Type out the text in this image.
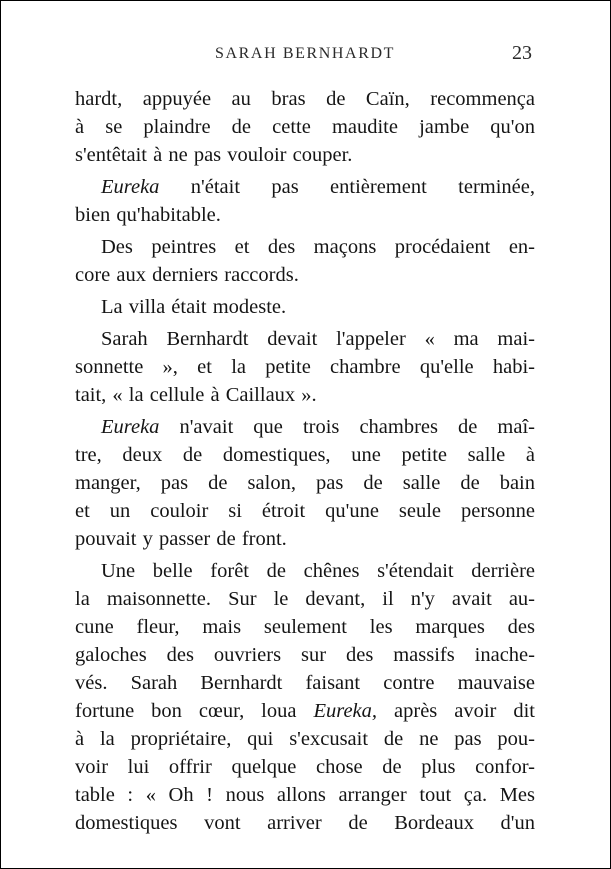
SARAH BERNHARDT	23
hardt, appuyée au bras de Caïn, recommença
à se plaindre de cette maudite jambe qu'on
s'entêtait à ne pas vouloir couper.
Eureka n'était pas entièrement terminée,
bien qu'habitable.
Des peintres et des maçons procédaient en-
core aux derniers raccords.
La villa était modeste.
Sarah Bernhardt devait l'appeler « ma mai-
sonnette », et la petite chambre qu'elle habi-
tait, « la cellule à Caillaux ».
Eureka n'avait que trois chambres de maî-
tre, deux de domestiques, une petite salle à
manger, pas de salon, pas de salle de bain
et un couloir si étroit qu'une seule personne
pouvait y passer de front.
Une belle forêt de chênes s'étendait derrière
la maisonnette. Sur le devant, il n'y avait au-
cune fleur, mais seulement les marques des
galoches des ouvriers sur des massifs inache-
vés. Sarah Bernhardt faisant contre mauvaise
fortune bon cœur, loua Eureka, après avoir dit
à la propriétaire, qui s'excusait de ne pas pou-
voir lui offrir quelque chose de plus confor-
table : « Oh ! nous allons arranger tout ça. Mes
domestiques vont arriver de Bordeaux d'un
